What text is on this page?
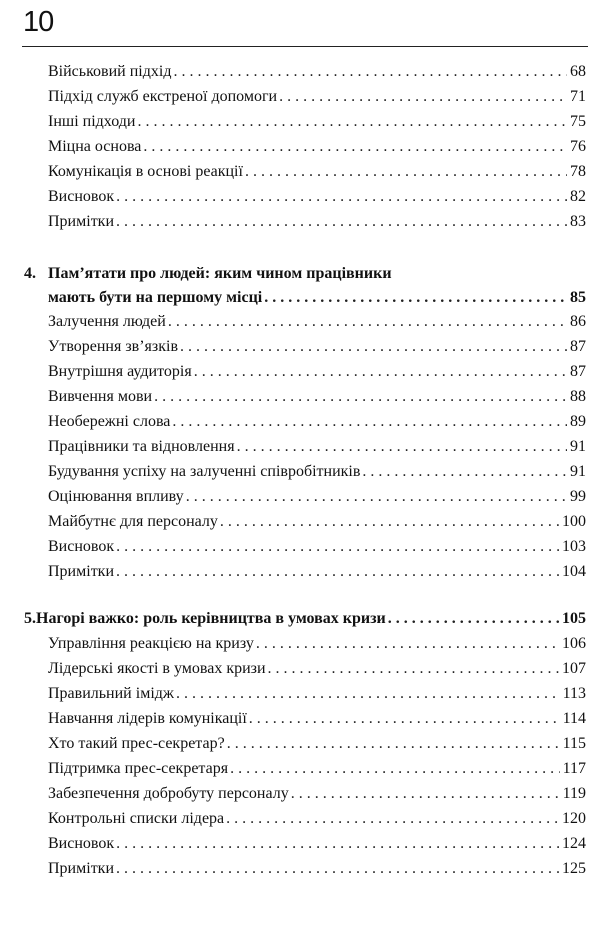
10
Військовий підхід . . .	68
Підхід служб екстреної допомоги . . .	71
Інші підходи . . .	75
Міцна основа . . .	76
Комунікація в основі реакції . . .	78
Висновок . . .	82
Примітки . . .	83
4. Пам’ятати про людей: яким чином працівники
мають бути на першому місці . . .	85
Залучення людей . . .	86
Утворення зв’язків . . .	87
Внутрішня аудиторія . . .	87
Вивчення мови . . .	88
Необережні слова . . .	89
Працівники та відновлення . . .	91
Будування успіху на залученні співробітників . . .	91
Оцінювання впливу . . .	99
Майбутнє для персоналу . . .	100
Висновок . . .	103
Примітки . . .	104
5. Нагорі важко: роль керівництва в умовах кризи . . .	105
Управління реакцією на кризу . . .	106
Лідерські якості в умовах кризи . . .	107
Правильний імідж . . .	113
Навчання лідерів комунікації . . .	114
Хто такий прес-секретар? . . .	115
Підтримка прес-секретаря . . .	117
Забезпечення добробуту персоналу . . .	119
Контрольні списки лідера . . .	120
Висновок . . .	124
Примітки . . .	125
